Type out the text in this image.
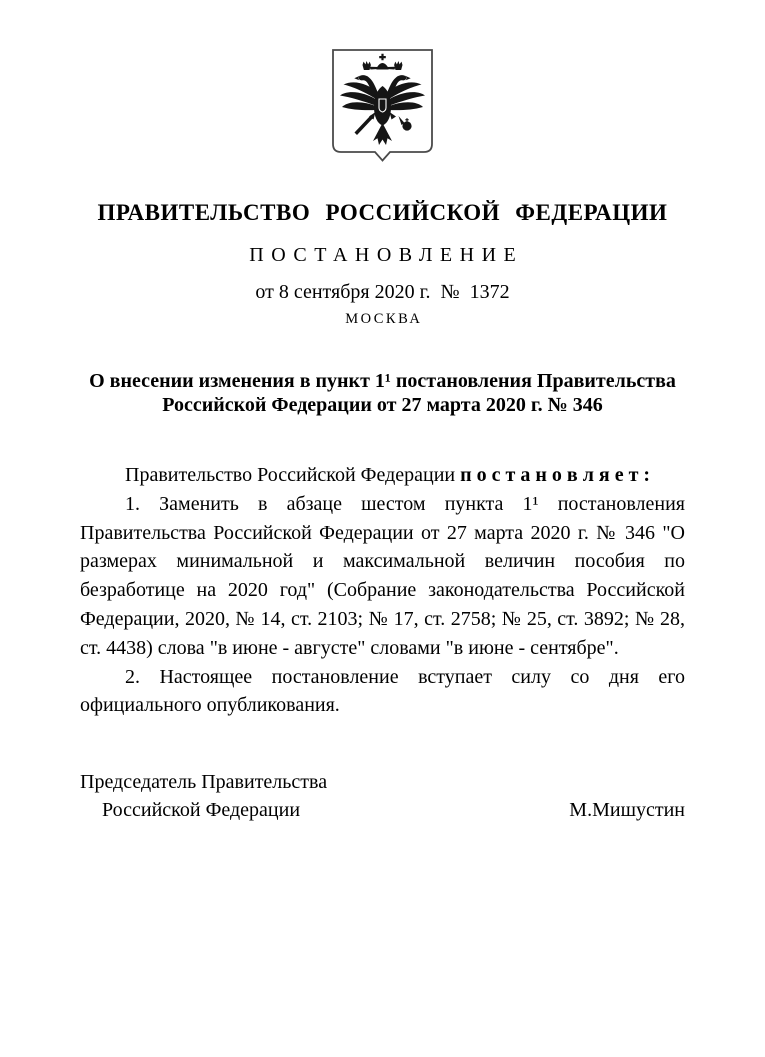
ПРАВИТЕЛЬСТВО РОССИЙСКОЙ ФЕДЕРАЦИИ
ПОСТАНОВЛЕНИЕ
от 8 сентября 2020 г.  №  1372
МОСКВА
О внесении изменения в пункт 1¹ постановления Правительства
Российской Федерации от 27 марта 2020 г. № 346

Правительство Российской Федерации п о с т а н о в л я е т :

1. Заменить в абзаце шестом пункта 1¹ постановления Правительства Российской Федерации от 27 марта 2020 г. № 346 "О размерах минимальной и максимальной величин пособия по безработице на 2020 год" (Собрание законодательства Российской Федерации, 2020, № 14, ст. 2103; № 17, ст. 2758; № 25, ст. 3892; № 28, ст. 4438) слова "в июне - августе" словами "в июне - сентябре".

2. Настоящее постановление вступает силу со дня его официального опубликования.

Председатель Правительства
Российской Федерации	М.Мишустин
